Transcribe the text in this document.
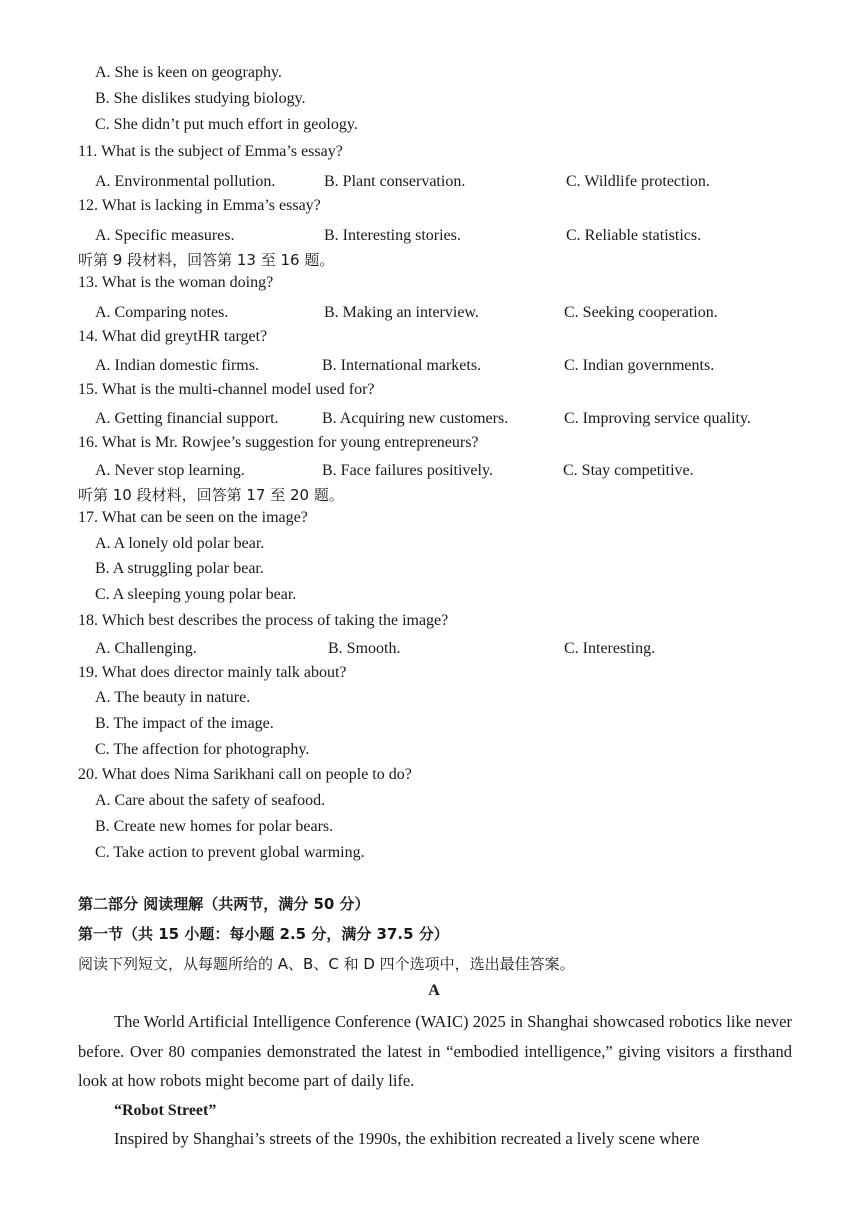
A. She is keen on geography.
B. She dislikes studying biology.
C. She didn’t put much effort in geology.
11. What is the subject of Emma’s essay?
A. Environmental pollution.	B. Plant conservation.	C. Wildlife protection.
12. What is lacking in Emma’s essay?
A. Specific measures.	B. Interesting stories.	C. Reliable statistics.
听第 9 段材料，回答第 13 至 16 题。
13. What is the woman doing?
A. Comparing notes.	B. Making an interview.	C. Seeking cooperation.
14. What did greytHR target?
A. Indian domestic firms.	B. International markets.	C. Indian governments.
15. What is the multi-channel model used for?
A. Getting financial support.	B. Acquiring new customers.	C. Improving service quality.
16. What is Mr. Rowjee’s suggestion for young entrepreneurs?
A. Never stop learning.	B. Face failures positively.	C. Stay competitive.
听第 10 段材料，回答第 17 至 20 题。
17. What can be seen on the image?
A. A lonely old polar bear.
B. A struggling polar bear.
C. A sleeping young polar bear.
18. Which best describes the process of taking the image?
A. Challenging.	B. Smooth.	C. Interesting.
19. What does director mainly talk about?
A. The beauty in nature.
B. The impact of the image.
C. The affection for photography.
20. What does Nima Sarikhani call on people to do?
A. Care about the safety of seafood.
B. Create new homes for polar bears.
C. Take action to prevent global warming.
第二部分 阅读理解（共两节，满分 50 分）
第一节（共 15 小题：每小题 2.5 分，满分 37.5 分）
阅读下列短文，从每题所给的 A、B、C 和 D 四个选项中，选出最佳答案。
A
The World Artificial Intelligence Conference (WAIC) 2025 in Shanghai showcased robotics like never before. Over 80 companies demonstrated the latest in “embodied intelligence,” giving visitors a firsthand look at how robots might become part of daily life.
“Robot Street”
Inspired by Shanghai’s streets of the 1990s, the exhibition recreated a lively scene where
